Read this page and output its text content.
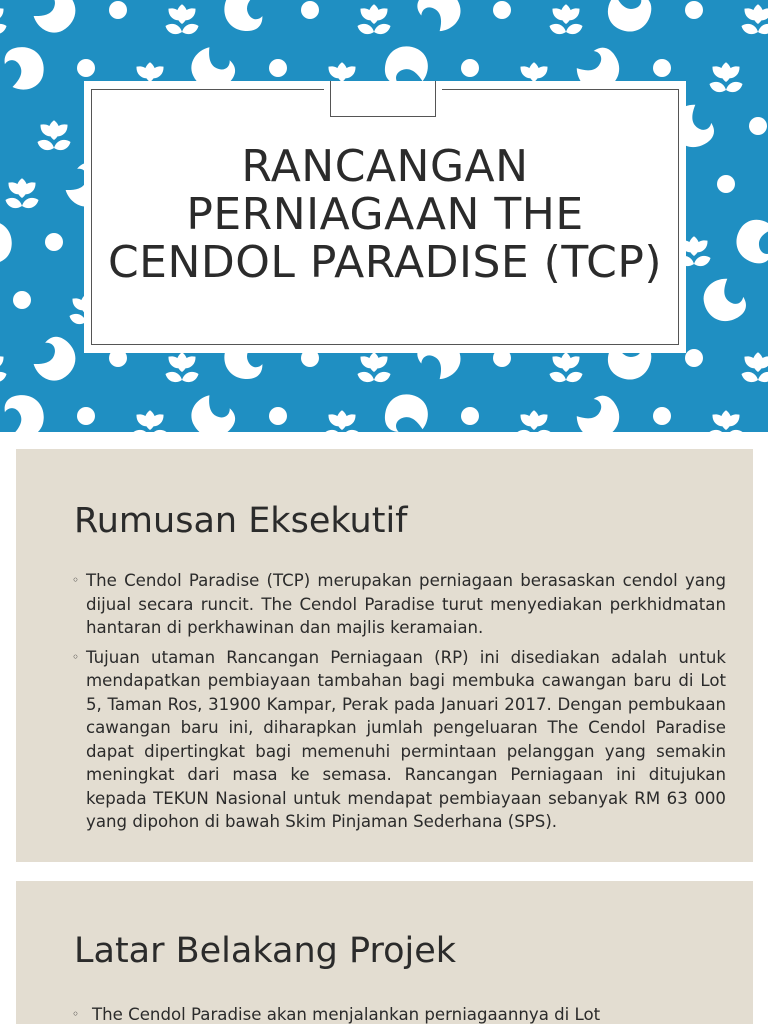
RANCANGAN PERNIAGAAN THE CENDOL PARADISE (TCP)
Rumusan Eksekutif
◦ The Cendol Paradise (TCP) merupakan perniagaan berasaskan cendol yang dijual secara runcit. The Cendol Paradise turut menyediakan perkhidmatan hantaran di perkhawinan dan majlis keramaian.
◦ Tujuan utaman Rancangan Perniagaan (RP) ini disediakan adalah untuk mendapatkan pembiayaan tambahan bagi membuka cawangan baru di Lot 5, Taman Ros, 31900 Kampar, Perak pada Januari 2017. Dengan pembukaan cawangan baru ini, diharapkan jumlah pengeluaran The Cendol Paradise dapat dipertingkat bagi memenuhi permintaan pelanggan yang semakin meningkat dari masa ke semasa. Rancangan Perniagaan ini ditujukan kepada TEKUN Nasional untuk mendapat pembiayaan sebanyak RM 63 000 yang dipohon di bawah Skim Pinjaman Sederhana (SPS).
Latar Belakang Projek
◦ The Cendol Paradise akan menjalankan perniagaannya di Lot
